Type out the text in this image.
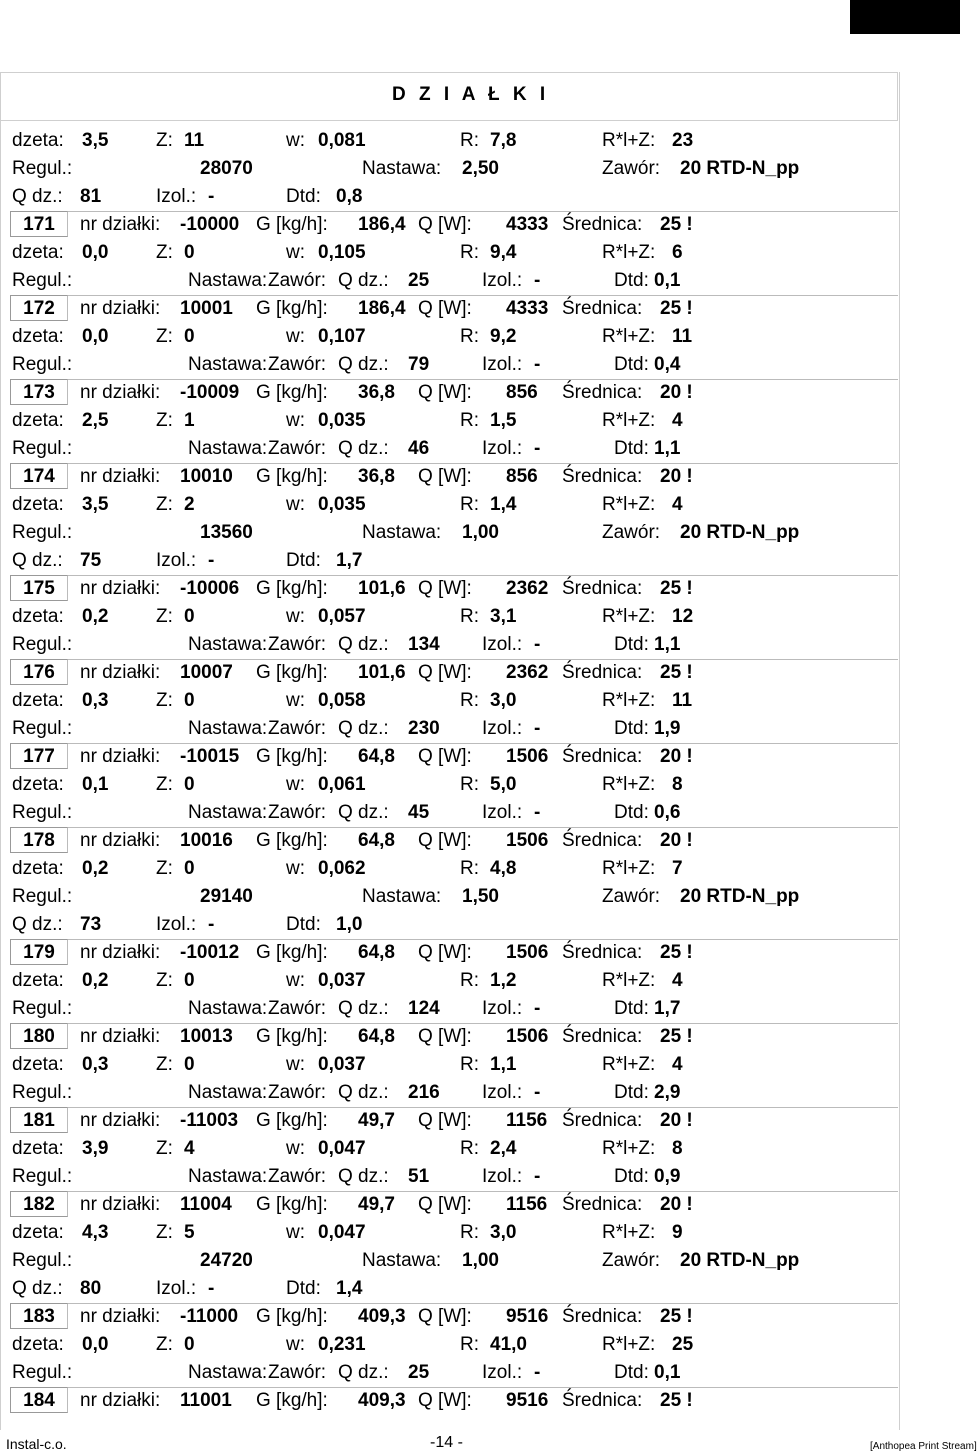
D Z I A Ł K I
dzeta: 3,5	Z: 11	w: 0,081	R: 7,8	R*l+Z: 23
Regul.:	28070	Nastawa: 2,50	Zawór: 20 RTD-N_pp
Q dz.: 81	Izol.: -	Dtd: 0,8
171	nr działki: -10000 G [kg/h]: 186,4 Q [W]: 4333 Średnica: 25 !
dzeta: 0,0	Z: 0	w: 0,105	R: 9,4	R*l+Z: 6
Regul.:	Nastawa: Zawór: Q dz.: 25	Izol.: -	Dtd: 0,1
172	nr działki: 10001 G [kg/h]: 186,4 Q [W]: 4333 Średnica: 25 !
dzeta: 0,0	Z: 0	w: 0,107	R: 9,2	R*l+Z: 11
Regul.:	Nastawa: Zawór: Q dz.: 79	Izol.: -	Dtd: 0,4
173	nr działki: -10009 G [kg/h]: 36,8 Q [W]: 856 Średnica: 20 !
dzeta: 2,5	Z: 1	w: 0,035	R: 1,5	R*l+Z: 4
Regul.:	Nastawa: Zawór: Q dz.: 46	Izol.: -	Dtd: 1,1
174	nr działki: 10010 G [kg/h]: 36,8 Q [W]: 856 Średnica: 20 !
dzeta: 3,5	Z: 2	w: 0,035	R: 1,4	R*l+Z: 4
Regul.:	13560	Nastawa: 1,00	Zawór: 20 RTD-N_pp
Q dz.: 75	Izol.: -	Dtd: 1,7
175	nr działki: -10006 G [kg/h]: 101,6 Q [W]: 2362 Średnica: 25 !
dzeta: 0,2	Z: 0	w: 0,057	R: 3,1	R*l+Z: 12
Regul.:	Nastawa: Zawór: Q dz.: 134 Izol.: -	Dtd: 1,1
176	nr działki: 10007 G [kg/h]: 101,6 Q [W]: 2362 Średnica: 25 !
dzeta: 0,3	Z: 0	w: 0,058	R: 3,0	R*l+Z: 11
Regul.:	Nastawa: Zawór: Q dz.: 230 Izol.: -	Dtd: 1,9
177	nr działki: -10015 G [kg/h]: 64,8 Q [W]: 1506 Średnica: 20 !
dzeta: 0,1	Z: 0	w: 0,061	R: 5,0	R*l+Z: 8
Regul.:	Nastawa: Zawór: Q dz.: 45	Izol.: -	Dtd: 0,6
178	nr działki: 10016 G [kg/h]: 64,8 Q [W]: 1506 Średnica: 20 !
dzeta: 0,2	Z: 0	w: 0,062	R: 4,8	R*l+Z: 7
Regul.:	29140	Nastawa: 1,50	Zawór: 20 RTD-N_pp
Q dz.: 73	Izol.: -	Dtd: 1,0
179	nr działki: -10012 G [kg/h]: 64,8 Q [W]: 1506 Średnica: 25 !
dzeta: 0,2	Z: 0	w: 0,037	R: 1,2	R*l+Z: 4
Regul.:	Nastawa: Zawór: Q dz.: 124 Izol.: -	Dtd: 1,7
180	nr działki: 10013 G [kg/h]: 64,8 Q [W]: 1506 Średnica: 25 !
dzeta: 0,3	Z: 0	w: 0,037	R: 1,1	R*l+Z: 4
Regul.:	Nastawa: Zawór: Q dz.: 216 Izol.: -	Dtd: 2,9
181	nr działki: -11003 G [kg/h]: 49,7 Q [W]: 1156 Średnica: 20 !
dzeta: 3,9	Z: 4	w: 0,047	R: 2,4	R*l+Z: 8
Regul.:	Nastawa: Zawór: Q dz.: 51	Izol.: -	Dtd: 0,9
182	nr działki: 11004 G [kg/h]: 49,7 Q [W]: 1156 Średnica: 20 !
dzeta: 4,3	Z: 5	w: 0,047	R: 3,0	R*l+Z: 9
Regul.:	24720	Nastawa: 1,00	Zawór: 20 RTD-N_pp
Q dz.: 80	Izol.: -	Dtd: 1,4
183	nr działki: -11000 G [kg/h]: 409,3 Q [W]: 9516 Średnica: 25 !
dzeta: 0,0	Z: 0	w: 0,231	R: 41,0	R*l+Z: 25
Regul.:	Nastawa: Zawór: Q dz.: 25	Izol.: -	Dtd: 0,1
184	nr działki: 11001 G [kg/h]: 409,3 Q [W]: 9516 Średnica: 25 !
Instal-c.o.	-14 -	[Anthopea Print Stream]
